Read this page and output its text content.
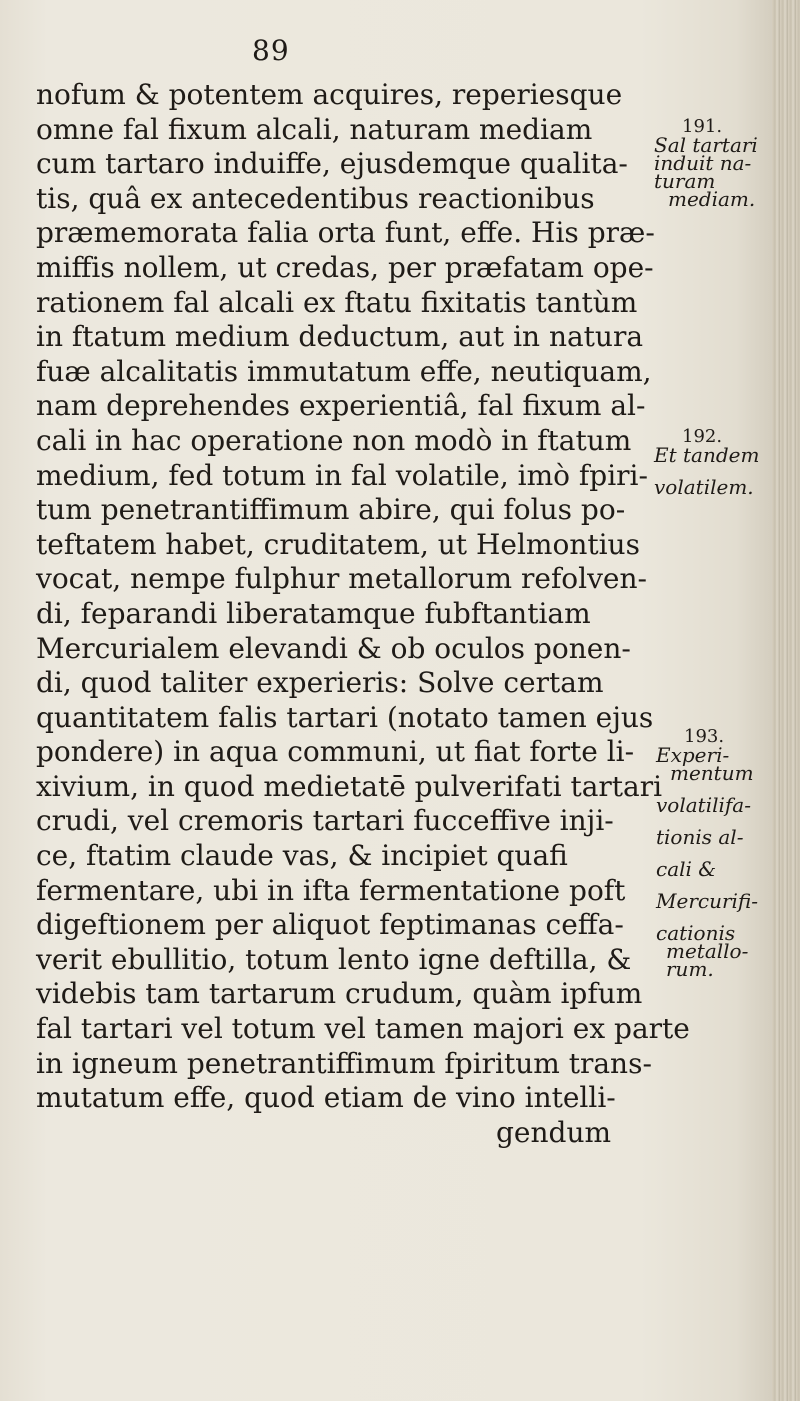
89
nofum & potentem acquires, reperiesque
omne fal fixum alcali, naturam mediam
cum tartaro induiffe, ejusdemque qualita-
tis, quâ ex antecedentibus reactionibus
præmemorata falia orta funt, effe. His præ-
miffis nollem, ut credas, per præfatam ope-
rationem fal alcali ex ftatu fixitatis tantùm
in ftatum medium deductum, aut in natura
fuæ alcalitatis immutatum effe, neutiquam,
nam deprehendes experientiâ, fal fixum al-
cali in hac operatione non modò in ftatum
medium, fed totum in fal volatile, imò fpiri-
tum penetrantiffimum abire, qui folus po-
teftatem habet, cruditatem, ut Helmontius
vocat, nempe fulphur metallorum refolven-
di, feparandi liberatamque fubftantiam
Mercurialem elevandi & ob oculos ponen-
di, quod taliter experieris: Solve certam
quantitatem falis tartari (notato tamen ejus
pondere) in aqua communi, ut fiat forte li-
xivium, in quod medietatē pulverifati tartari
crudi, vel cremoris tartari fucceffive inji-
ce, ftatim claude vas, & incipiet quafi
fermentare, ubi in ifta fermentatione poft
digeftionem per aliquot feptimanas ceffa-
verit ebullitio, totum lento igne deftilla, &
videbis tam tartarum crudum, quàm ipfum
fal tartari vel totum vel tamen majori ex parte
in igneum penetrantiffimum fpiritum trans-
mutatum effe, quod etiam de vino intelli-
gendum
191.
Sal tartari
induit na-
turam
mediam.
192.
Et tandem
volatilem.
193.
Experi-
mentum
volatilifa-
tionis al-
cali &
Mercurifi-
cationis
metallo-
rum.
